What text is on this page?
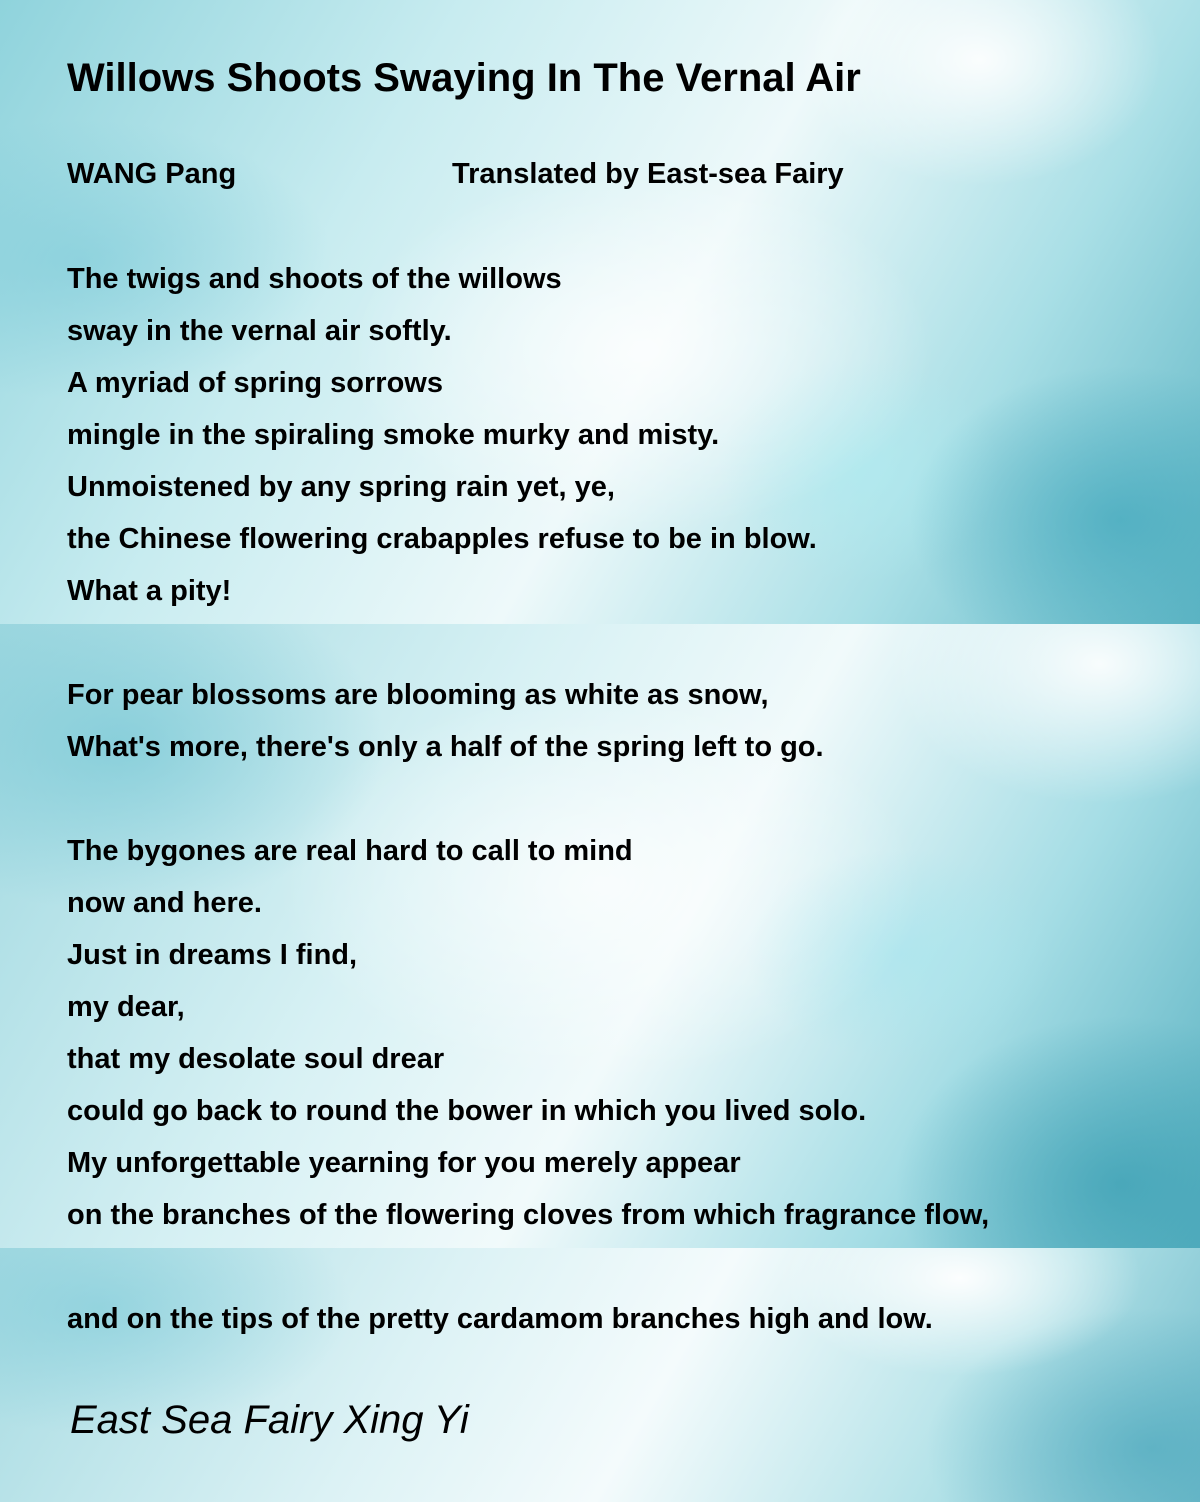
Willows Shoots Swaying In The Vernal Air
WANG Pang	Translated by East-sea Fairy
The twigs and shoots of the willows
sway in the vernal air softly.
A myriad of spring sorrows
mingle in the spiraling smoke murky and misty.
Unmoistened by any spring rain yet, ye,
the Chinese flowering crabapples refuse to be in blow.
What a pity!
For pear blossoms are blooming as white as snow,
What's more, there's only a half of the spring left to go.
The bygones are real hard to call to mind
now and here.
Just in dreams I find,
my dear,
that my desolate soul drear
could go back to round the bower in which you lived solo.
My unforgettable yearning for you merely appear
on the branches of the flowering cloves from which fragrance flow,
and on the tips of the pretty cardamom branches high and low.
East Sea Fairy Xing Yi
